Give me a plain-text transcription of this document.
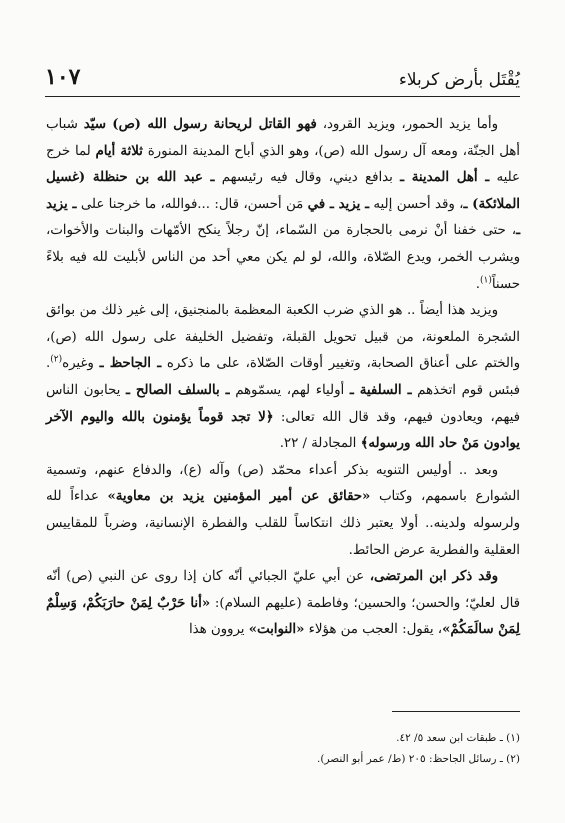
يُقْتَل بأرض كربلاء
١٠٧

وأما يزيد الحمور، ويزيد القرود، فهو القاتل لريحانة رسول الله (ص) سيّد شباب أهل الجنّة، ومعه آل رسول الله (ص)، وهو الذي أباح المدينة المنورة ثلاثة أيام لما خرج عليه ـ أهل المدينة ـ بدافع ديني، وقال فيه رئيسهم ـ عبد الله بن حنظلة (غسيل الملائكة) ـ، وقد أحسن إليه ـ يزيد ـ في مَن أحسن، قال: ...فوالله، ما خرجنا على ـ يزيد ـ، حتى خفنا أنْ نرمى بالحجارة من السّماء، إنّ رجلاً ينكح الأمّهات والبنات والأخوات، ويشرب الخمر، ويدع الصّلاة، والله، لو لم يكن معي أحد من الناس لأبليت لله فيه بلاءً حسناً$^{(١)}$.

ويزيد هذا أيضاً .. هو الذي ضرب الكعبة المعظمة بالمنجنيق، إلى غير ذلك من بوائق الشجرة الملعونة، من قبيل تحويل القبلة، وتفضيل الخليفة على رسول الله (ص)، والختم على أعناق الصحابة، وتغيير أوقات الصّلاة، على ما ذكره ـ الجاحظ ـ وغيره$^{(٢)}$. فبئس قوم اتخذهم ـ السلفية ـ أولياء لهم، يسمّوهم ـ بالسلف الصالح ـ يحابون الناس فيهم، ويعادون فيهم، وقد قال الله تعالى: ﴿لا تجد قوماً يؤمنون بالله واليوم الآخر يوادون مَنْ حاد الله ورسوله﴾ المجادلة / ٢٢.

وبعد .. أوليس التنويه بذكر أعداء محمّد (ص) وآله (ع)، والدفاع عنهم، وتسمية الشوارع باسمهم، وكتاب «حقائق عن أمير المؤمنين يزيد بن معاوية» عداءاً لله ولرسوله ولدينه.. أولا يعتبر ذلك انتكاساً للقلب والفطرة الإنسانية، وضرباً للمقاييس العقلية والفطرية عرض الحائط.

وقد ذكر ابن المرتضى، عن أبي عليّ الجبائي أنّه كان إذا روى عن النبي (ص) أنّه قال لعليّ؛ والحسن؛ والحسين؛ وفاطمة (عليهم السلام): «أنا حَرْبٌ لِمَنْ حارَبَكُمْ، وَسِلْمٌ لِمَنْ سالَمَكُمْ»، يقول: العجب من هؤلاء «النوابت» يروون هذا

(١) ـ طبقات ابن سعد ٥/ ٤٢.
(٢) ـ رسائل الجاحظ: ٢٠٥ (ط/ عمر أبو النصر).
